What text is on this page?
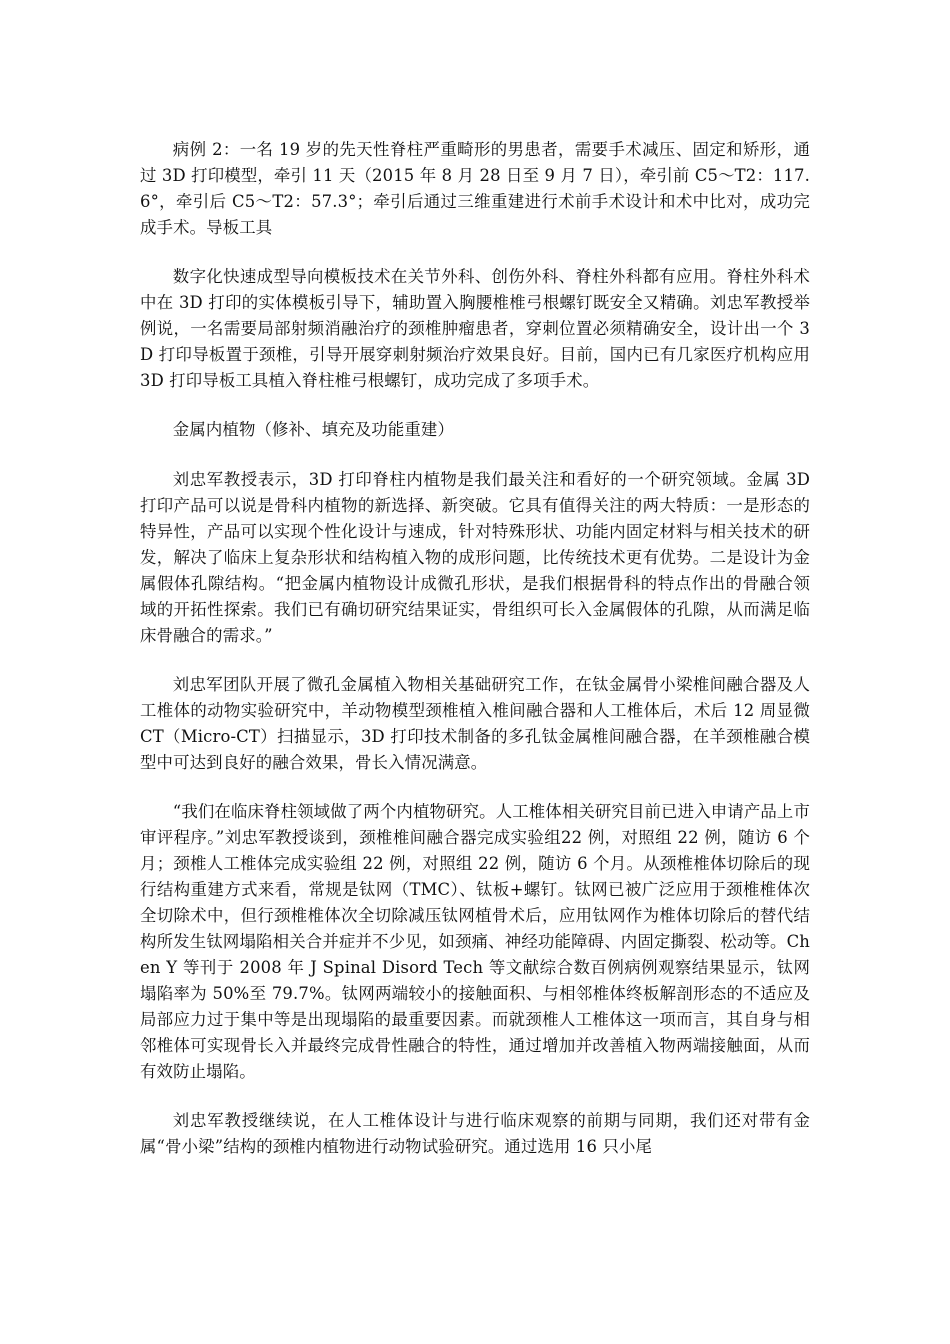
病例 2：一名 19 岁的先天性脊柱严重畸形的男患者，需要手术减压、固定和矫形，通过 3D 打印模型，牵引 11 天（2015 年 8 月 28 日至 9 月 7 日），牵引前 C5～T2：117.6°，牵引后 C5～T2：57.3°；牵引后通过三维重建进行术前手术设计和术中比对，成功完成手术。导板工具

数字化快速成型导向模板技术在关节外科、创伤外科、脊柱外科都有应用。脊柱外科术中在 3D 打印的实体模板引导下，辅助置入胸腰椎椎弓根螺钉既安全又精确。刘忠军教授举例说，一名需要局部射频消融治疗的颈椎肿瘤患者，穿刺位置必须精确安全，设计出一个 3D 打印导板置于颈椎，引导开展穿刺射频治疗效果良好。目前，国内已有几家医疗机构应用 3D 打印导板工具植入脊柱椎弓根螺钉，成功完成了多项手术。

金属内植物（修补、填充及功能重建）

刘忠军教授表示，3D 打印脊柱内植物是我们最关注和看好的一个研究领域。金属 3D 打印产品可以说是骨科内植物的新选择、新突破。它具有值得关注的两大特质：一是形态的特异性，产品可以实现个性化设计与速成，针对特殊形状、功能内固定材料与相关技术的研发，解决了临床上复杂形状和结构植入物的成形问题，比传统技术更有优势。二是设计为金属假体孔隙结构。“把金属内植物设计成微孔形状，是我们根据骨科的特点作出的骨融合领域的开拓性探索。我们已有确切研究结果证实，骨组织可长入金属假体的孔隙，从而满足临床骨融合的需求。”

刘忠军团队开展了微孔金属植入物相关基础研究工作，在钛金属骨小梁椎间融合器及人工椎体的动物实验研究中，羊动物模型颈椎植入椎间融合器和人工椎体后，术后 12 周显微 CT（Micro-CT）扫描显示，3D 打印技术制备的多孔钛金属椎间融合器，在羊颈椎融合模型中可达到良好的融合效果，骨长入情况满意。

“我们在临床脊柱领域做了两个内植物研究。人工椎体相关研究目前已进入申请产品上市审评程序。”刘忠军教授谈到，颈椎椎间融合器完成实验组22 例，对照组 22 例，随访 6 个月；颈椎人工椎体完成实验组 22 例，对照组 22 例，随访 6 个月。从颈椎椎体切除后的现行结构重建方式来看，常规是钛网（TMC）、钛板+螺钉。钛网已被广泛应用于颈椎椎体次全切除术中，但行颈椎椎体次全切除减压钛网植骨术后，应用钛网作为椎体切除后的替代结构所发生钛网塌陷相关合并症并不少见，如颈痛、神经功能障碍、内固定撕裂、松动等。Chen Y 等刊于 2008 年 J Spinal Disord Tech 等文献综合数百例病例观察结果显示，钛网塌陷率为 50%至 79.7%。钛网两端较小的接触面积、与相邻椎体终板解剖形态的不适应及局部应力过于集中等是出现塌陷的最重要因素。而就颈椎人工椎体这一项而言，其自身与相邻椎体可实现骨长入并最终完成骨性融合的特性，通过增加并改善植入物两端接触面，从而有效防止塌陷。

刘忠军教授继续说，在人工椎体设计与进行临床观察的前期与同期，我们还对带有金属“骨小梁”结构的颈椎内植物进行动物试验研究。通过选用 16 只小尾
